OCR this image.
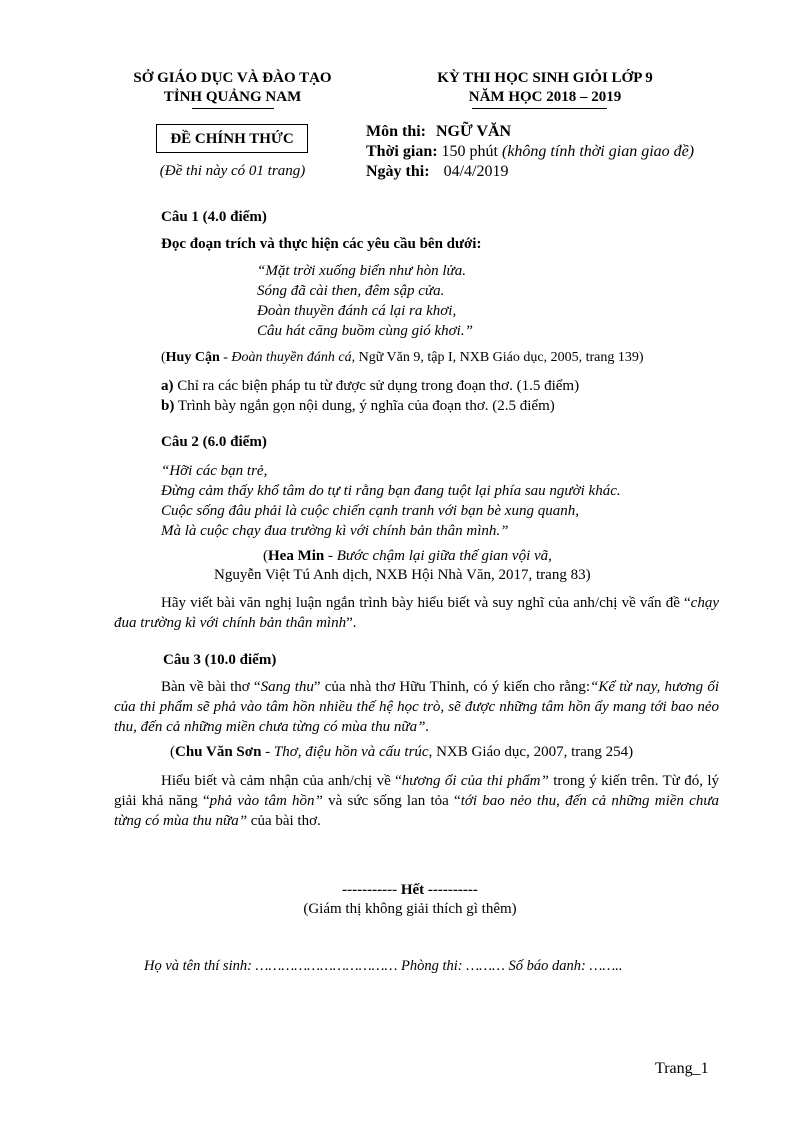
SỞ GIÁO DỤC VÀ ĐÀO TẠO
TỈNH QUẢNG NAM
KỲ THI HỌC SINH GIỎI LỚP 9
NĂM HỌC 2018 – 2019
ĐỀ CHÍNH THỨC
(Đề thi này có 01 trang)
Môn thi: NGỮ VĂN
Thời gian: 150 phút (không tính thời gian giao đề)
Ngày thi: 04/4/2019
Câu 1 (4.0 điểm)
Đọc đoạn trích và thực hiện các yêu cầu bên dưới:
“Mặt trời xuống biển như hòn lửa.
Sóng đã cài then, đêm sập cửa.
Đoàn thuyền đánh cá lại ra khơi,
Câu hát căng buồm cùng gió khơi.”
(Huy Cận - Đoàn thuyền đánh cá, Ngữ Văn 9, tập I, NXB Giáo dục, 2005, trang 139)
a) Chỉ ra các biện pháp tu từ được sử dụng trong đoạn thơ. (1.5 điểm)
b) Trình bày ngắn gọn nội dung, ý nghĩa của đoạn thơ. (2.5 điểm)
Câu 2 (6.0 điểm)
“Hỡi các bạn trẻ,
Đừng cảm thấy khổ tâm do tự ti rằng bạn đang tuột lại phía sau người khác.
Cuộc sống đâu phải là cuộc chiến cạnh tranh với bạn bè xung quanh,
Mà là cuộc chạy đua trường kì với chính bản thân mình.”
(Hea Min - Bước chậm lại giữa thế gian vội vã,
Nguyễn Việt Tú Anh dịch, NXB Hội Nhà Văn, 2017, trang 83)
Hãy viết bài văn nghị luận ngắn trình bày hiểu biết và suy nghĩ của anh/chị về vấn đề “chạy đua trường kì với chính bản thân mình”.
Câu 3 (10.0 điểm)
Bàn về bài thơ “Sang thu” của nhà thơ Hữu Thỉnh, có ý kiến cho rằng:“Kể từ nay, hương ổi của thi phẩm sẽ phả vào tâm hồn nhiều thế hệ học trò, sẽ được những tâm hồn ấy mang tới bao nẻo thu, đến cả những miền chưa từng có mùa thu nữa”.
(Chu Văn Sơn - Thơ, điệu hồn và cấu trúc, NXB Giáo dục, 2007, trang 254)
Hiểu biết và cảm nhận của anh/chị về “hương ổi của thi phẩm” trong ý kiến trên. Từ đó, lý giải khả năng “phả vào tâm hồn” và sức sống lan tỏa “tới bao nẻo thu, đến cả những miền chưa từng có mùa thu nữa” của bài thơ.
----------- Hết ----------
(Giám thị không giải thích gì thêm)
Họ và tên thí sinh: …………………………… Phòng thi: ……… Số báo danh: ……..
Trang_1
